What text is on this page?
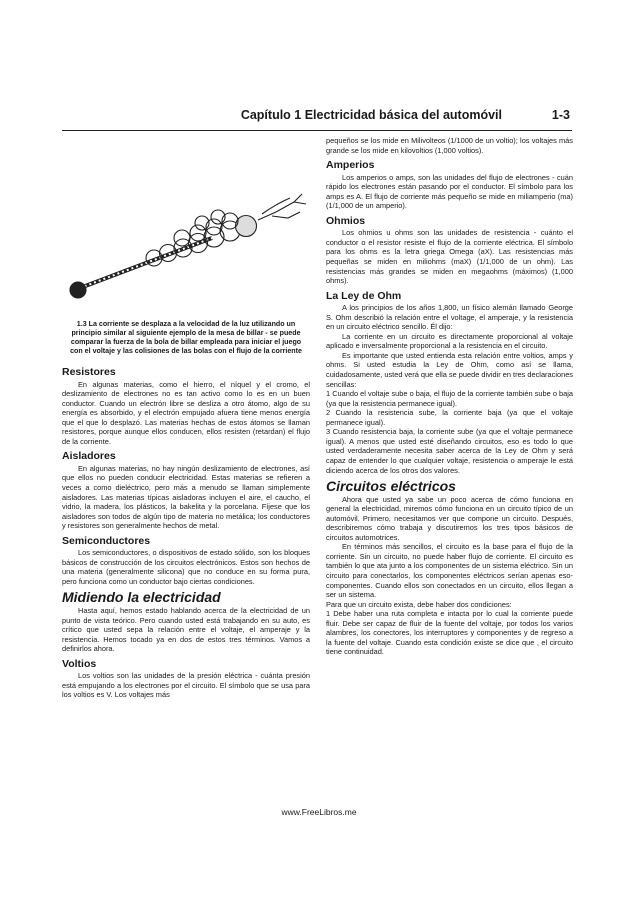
Capítulo 1 Electricidad básica del automóvil	1-3

1.3 La corriente se desplaza a la velocidad de la luz utilizando un principio similar al siguiente ejemplo de la mesa de billar - se puede comparar la fuerza de la bola de billar empleada para iniciar el juego con el voltaje y las colisiones de las bolas con el flujo de la corriente

Resistores

En algunas materias, como el hierro, el níquel y el cromo, el deslizamiento de electrones no es tan activo como lo es en un buen conductor. Cuando un electrón libre se desliza a otro átomo, algo de su energía es absorbido, y el electrón empujado afuera tiene menos energía que el que lo desplazó. Las materias hechas de estos átomos se llaman resistores, porque aunque ellos conducen, ellos resisten (retardan) el flujo de la corriente.

Aisladores

En algunas materias, no hay ningún deslizamiento de electrones, así que ellos no pueden conducir electricidad. Estas materias se refieren a veces a como dieléctrico, pero más a menudo se llaman simplemente aisladores. Las materias típicas aisladoras incluyen el aire, el caucho, el vidrio, la madera, los plásticos, la bakelita y la porcelana. Fíjese que los aisladores son todos de algún tipo de materia no metálica; los conductores y resistores son generalmente hechos de metal.

Semiconductores

Los semiconductores, o dispositivos de estado sólido, son los bloques básicos de construcción de los circuitos electrónicos. Estos son hechos de una materia (generalmente silicona) que no conduce en su forma pura, pero funciona como un conductor bajo ciertas condiciones.

Midiendo la electricidad

Hasta aquí, hemos estado hablando acerca de la electricidad de un punto de vista teórico. Pero cuando usted está trabajando en su auto, es crítico que usted sepa la relación entre el voltaje, el amperaje y la resistencia. Hemos tocado ya en dos de estos tres términos. Vamos a definirlos ahora.

Voltios

Los voltios son las unidades de la presión eléctrica - cuánta presión está empujando a los electrones por el circuito. El símbolo que se usa para los voltios es V. Los voltajes más

pequeños se los mide en Milivolteos (1/1000 de un voltio); los voltajes más grande se los mide en kilovoltios (1,000 voltios).

Amperios

Los amperios o amps, son las unidades del flujo de electrones - cuán rápido los electrones están pasando por el conductor. El símbolo para los amps es A. El flujo de corriente más pequeño se mide en miliamperio (ma) (1/1,000 de un amperio).

Ohmios

Los ohmios u ohms son las unidades de resistencia - cuánto el conductor o el resistor resiste el flujo de la corriente eléctrica. El símbolo para los ohms es la letra griega Omega (aX). Las resistencias más pequeñas se miden en miliohms (maX) (1/1,000 de un ohm). Las resistencias más grandes se miden en megaohms (máximos) (1,000 ohms).

La Ley de Ohm

A los principios de los años 1,800, un físico alemán llamado George S. Ohm describió la relación entre el voltage, el amperaje, y la resistencia en un circuito eléctrico sencillo. Él dijo:

La corriente en un circuito es directamente proporcional al voltaje aplicado e inversalmente proporcional a la resistencia en el circuito.

Es importante que usted entienda esta relación entre voltios, amps y ohms. Si usted estudia la Ley de Ohm, como así se llama, cuidadosamente, usted verá que ella se puede dividir en tres declaraciones sencillas:

1 Cuando el voltaje sube o baja, el flujo de la corriente también sube o baja (ya que la resistencia permanece igual).

2 Cuando la resistencia sube, la corriente baja (ya que el voltaje permanece igual).

3 Cuando resistencia baja, la corriente sube (ya que el voltaje permanece igual). A menos que usted esté diseñando circuitos, eso es todo lo que usted verdaderamente necesita saber acerca de la Ley de Ohm y será capaz de entender lo que cualquier voltaje, resistencia o amperaje le está diciendo acerca de los otros dos valores.

Circuitos eléctricos

Ahora que usted ya sabe un poco acerca de cómo funciona en general la electricidad, miremos cómo funciona en un circuito típico de un automóvil. Primero, necesitamos ver que compone un circuito. Después, describiremos cómo trabaja y discutiremos los tres tipos básicos de circuitos automotrices.

En términos más sencillos, el circuito es la base para el flujo de la corriente. Sin un circuito, no puede haber flujo de corriente. El circuito es también lo que ata junto a los componentes de un sistema eléctrico. Sin un circuito para conectarlos, los componentes eléctricos serían apenas eso- componentes. Cuando ellos son conectados en un circuito, ellos llegan a ser un sistema.

Para que un circuito exista, debe haber dos condiciones:

1 Debe haber una ruta completa e intacta por lo cual la corriente puede fluir. Debe ser capaz de fluir de la fuente del voltaje, por todos los varios alambres, los conectores, los interruptores y componentes y de regreso a la fuente del voltaje. Cuando esta condición existe se dice que , el circuito tiene continuidad.

www.FreeLibros.me
